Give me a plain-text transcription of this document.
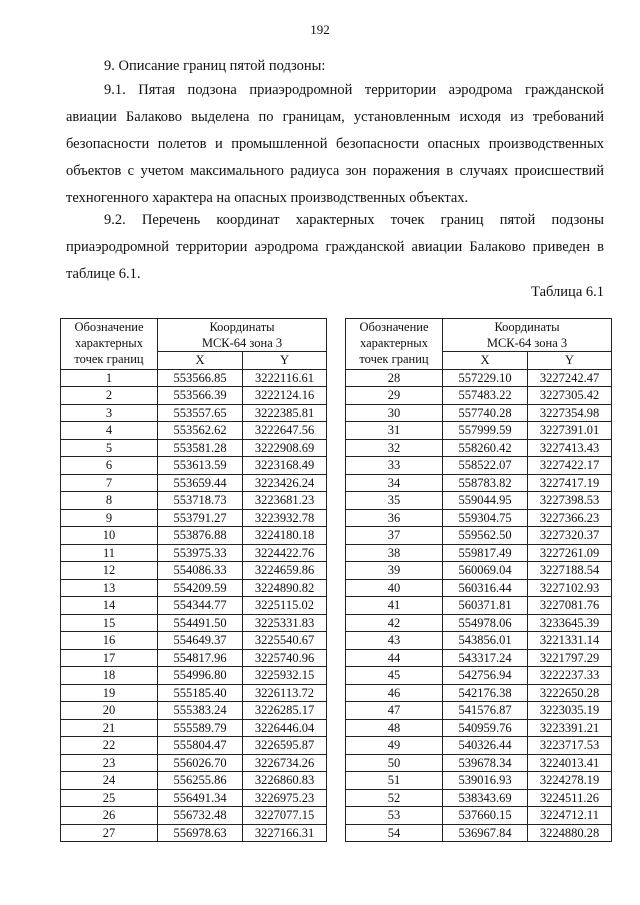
192
9. Описание границ пятой подзоны:
9.1. Пятая подзона приаэродромной территории аэродрома гражданской авиации Балаково выделена по границам, установленным исходя из требований безопасности полетов и промышленной безопасности опасных производственных объектов с учетом максимального радиуса зон поражения в случаях происшествий техногенного характера на опасных производственных объектах.
9.2. Перечень координат характерных точек границ пятой подзоны приаэродромной территории аэродрома гражданской авиации Балаково приведен в таблице 6.1.
Таблица 6.1
Обозначение характерных точек границ	Координаты
МСК-64 зона 3	

	X	Y
1	553566.85	3222116.61
2	553566.39	3222124.16
3	553557.65	3222385.81
4	553562.62	3222647.56
5	553581.28	3222908.69
6	553613.59	3223168.49
7	553659.44	3223426.24
8	553718.73	3223681.23
9	553791.27	3223932.78
10	553876.88	3224180.18
11	553975.33	3224422.76
12	554086.33	3224659.86
13	554209.59	3224890.82
14	554344.77	3225115.02
15	554491.50	3225331.83
16	554649.37	3225540.67
17	554817.96	3225740.96
18	554996.80	3225932.15
19	555185.40	3226113.72
20	555383.24	3226285.17
21	555589.79	3226446.04
22	555804.47	3226595.87
23	556026.70	3226734.26
24	556255.86	3226860.83
25	556491.34	3226975.23
26	556732.48	3227077.15
27	556978.63	3227166.31
Обозначение характерных точек границ	Координаты
МСК-64 зона 3	

	X	Y
28	557229.10	3227242.47
29	557483.22	3227305.42
30	557740.28	3227354.98
31	557999.59	3227391.01
32	558260.42	3227413.43
33	558522.07	3227422.17
34	558783.82	3227417.19
35	559044.95	3227398.53
36	559304.75	3227366.23
37	559562.50	3227320.37
38	559817.49	3227261.09
39	560069.04	3227188.54
40	560316.44	3227102.93
41	560371.81	3227081.76
42	554978.06	3233645.39
43	543856.01	3221331.14
44	543317.24	3221797.29
45	542756.94	3222237.33
46	542176.38	3222650.28
47	541576.87	3223035.19
48	540959.76	3223391.21
49	540326.44	3223717.53
50	539678.34	3224013.41
51	539016.93	3224278.19
52	538343.69	3224511.26
53	537660.15	3224712.11
54	536967.84	3224880.28
